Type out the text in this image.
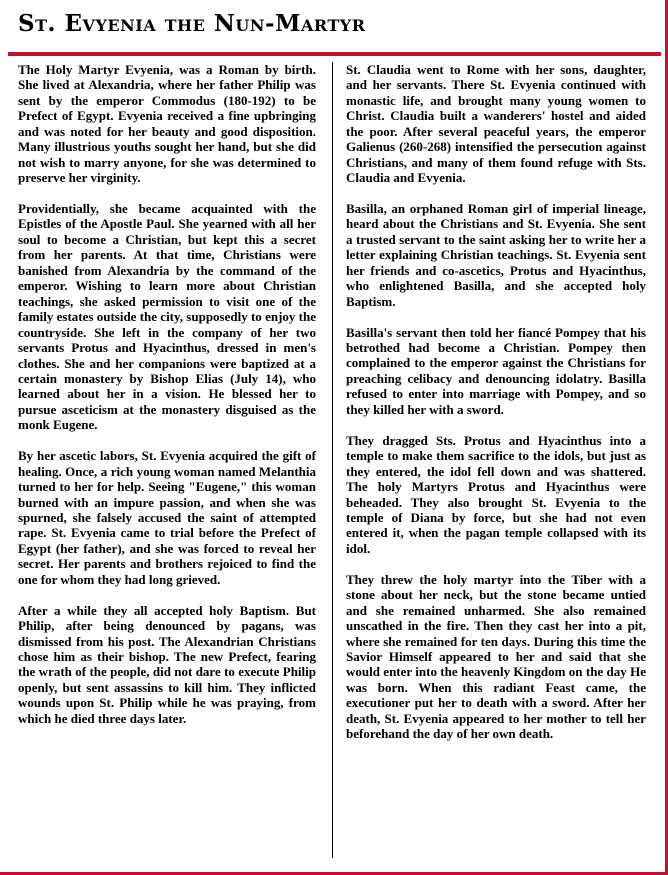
St. Evyenia the Nun-Martyr

The Holy Martyr Evyenia, was a Roman by birth. She lived at Alexandria, where her father Philip was sent by the emperor Commodus (180-192) to be Prefect of Egypt. Evyenia received a fine upbringing and was noted for her beauty and good disposition. Many illustrious youths sought her hand, but she did not wish to marry anyone, for she was determined to preserve her virginity.

Providentially, she became acquainted with the Epistles of the Apostle Paul. She yearned with all her soul to become a Christian, but kept this a secret from her parents. At that time, Christians were banished from Alexandria by the command of the emperor. Wishing to learn more about Christian teachings, she asked permission to visit one of the family estates outside the city, supposedly to enjoy the countryside. She left in the company of her two servants Protus and Hyacinthus, dressed in men's clothes. She and her companions were baptized at a certain monastery by Bishop Elias (July 14), who learned about her in a vision. He blessed her to pursue asceticism at the monastery disguised as the monk Eugene.

By her ascetic labors, St. Evyenia acquired the gift of healing. Once, a rich young woman named Melanthia turned to her for help. Seeing "Eugene," this woman burned with an impure passion, and when she was spurned, she falsely accused the saint of attempted rape. St. Evyenia came to trial before the Prefect of Egypt (her father), and she was forced to reveal her secret. Her parents and brothers rejoiced to find the one for whom they had long grieved.

After a while they all accepted holy Baptism. But Philip, after being denounced by pagans, was dismissed from his post. The Alexandrian Christians chose him as their bishop. The new Prefect, fearing the wrath of the people, did not dare to execute Philip openly, but sent assassins to kill him. They inflicted wounds upon St. Philip while he was praying, from which he died three days later.

St. Claudia went to Rome with her sons, daughter, and her servants. There St. Evyenia continued with monastic life, and brought many young women to Christ. Claudia built a wanderers' hostel and aided the poor. After several peaceful years, the emperor Galienus (260-268) intensified the persecution against Christians, and many of them found refuge with Sts. Claudia and Evyenia.

Basilla, an orphaned Roman girl of imperial lineage, heard about the Christians and St. Evyenia. She sent a trusted servant to the saint asking her to write her a letter explaining Christian teachings. St. Evyenia sent her friends and co-ascetics, Protus and Hyacinthus, who enlightened Basilla, and she accepted holy Baptism.

Basilla's servant then told her fiancé Pompey that his betrothed had become a Christian. Pompey then complained to the emperor against the Christians for preaching celibacy and denouncing idolatry. Basilla refused to enter into marriage with Pompey, and so they killed her with a sword.

They dragged Sts. Protus and Hyacinthus into a temple to make them sacrifice to the idols, but just as they entered, the idol fell down and was shattered. The holy Martyrs Protus and Hyacinthus were beheaded. They also brought St. Evyenia to the temple of Diana by force, but she had not even entered it, when the pagan temple collapsed with its idol.

They threw the holy martyr into the Tiber with a stone about her neck, but the stone became untied and she remained unharmed. She also remained unscathed in the fire. Then they cast her into a pit, where she remained for ten days. During this time the Savior Himself appeared to her and said that she would enter into the heavenly Kingdom on the day He was born. When this radiant Feast came, the executioner put her to death with a sword. After her death, St. Evyenia appeared to her mother to tell her beforehand the day of her own death.
